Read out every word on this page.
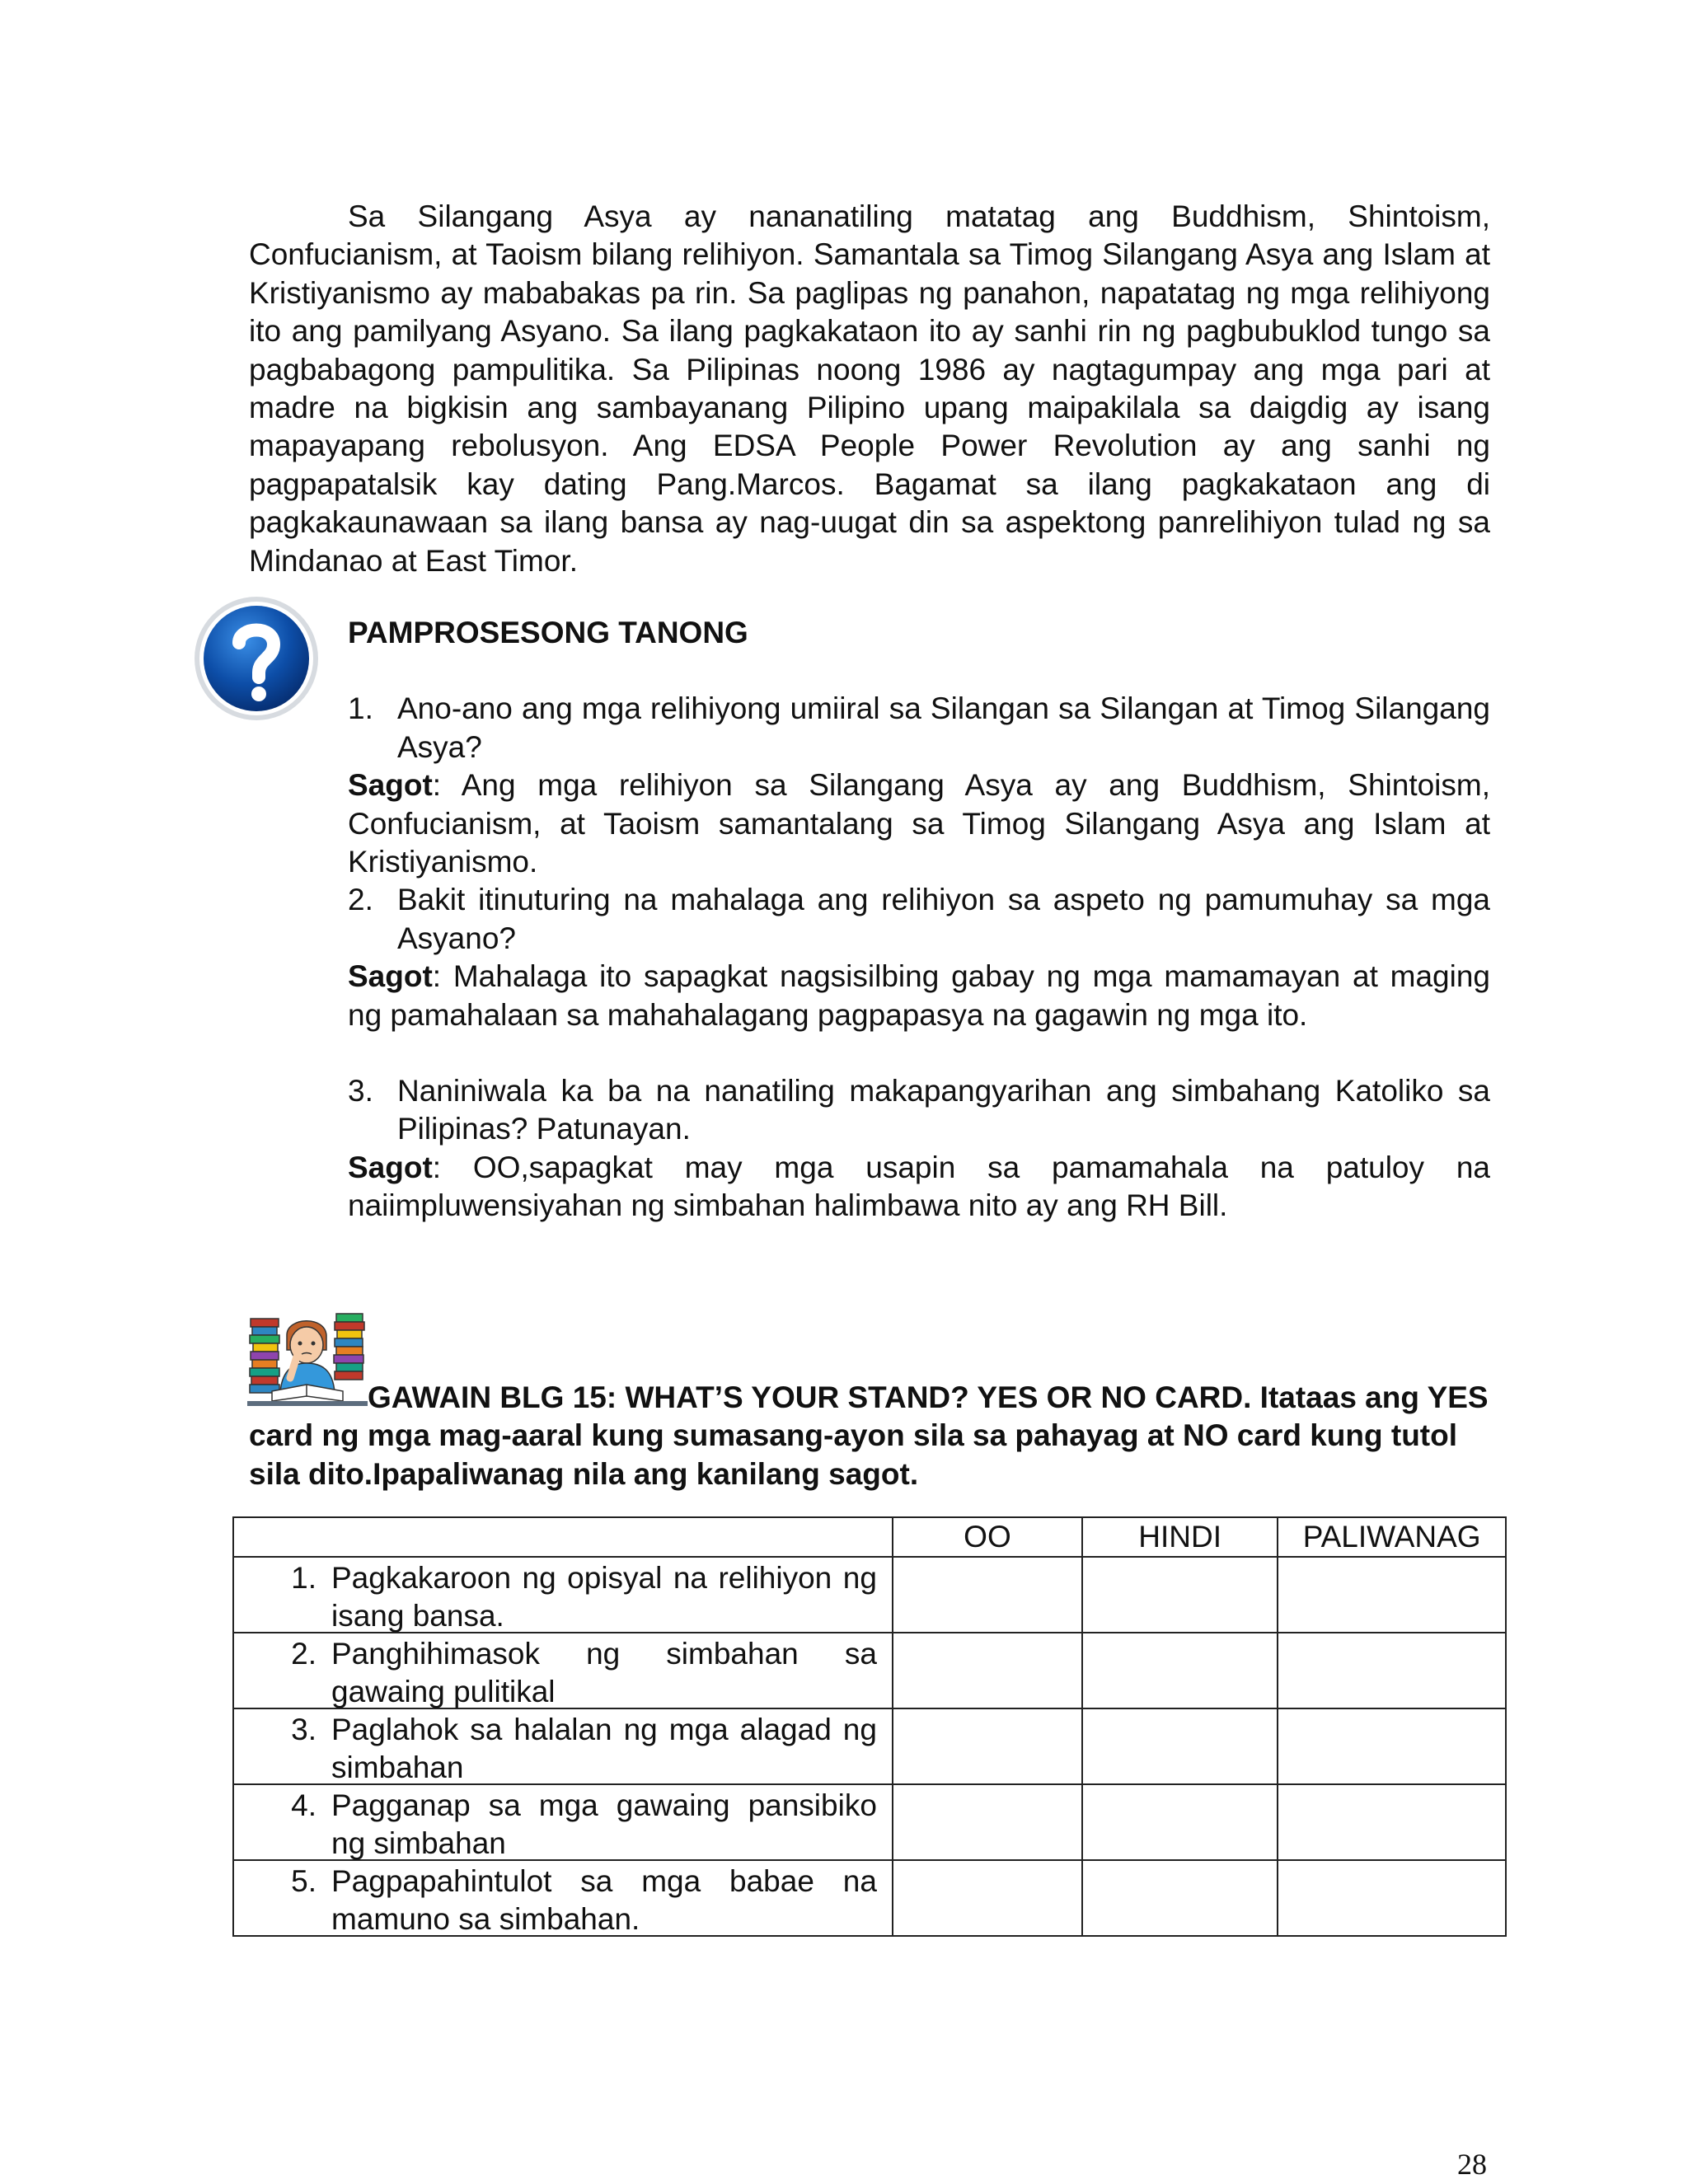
Sa Silangang Asya ay nananatiling matatag ang Buddhism, Shintoism, Confucianism, at Taoism bilang relihiyon. Samantala sa Timog Silangang Asya ang Islam at Kristiyanismo ay mababakas pa rin. Sa paglipas ng panahon, napatatag ng mga relihiyong ito ang pamilyang Asyano. Sa ilang pagkakataon ito ay sanhi rin ng pagbubuklod tungo sa pagbabagong pampulitika. Sa Pilipinas noong 1986 ay nagtagumpay ang mga pari at madre na bigkisin ang sambayanang Pilipino upang maipakilala sa daigdig ay isang mapayapang rebolusyon. Ang EDSA People Power Revolution ay ang sanhi ng pagpapatalsik kay dating Pang.Marcos. Bagamat sa ilang pagkakataon ang di pagkakaunawaan sa ilang bansa ay nag-uugat din sa aspektong panrelihiyon tulad ng sa Mindanao at East Timor.

PAMPROSESONG TANONG

1. Ano-ano ang mga relihiyong umiiral sa Silangan sa Silangan at Timog Silangang Asya?

Sagot: Ang mga relihiyon sa Silangang Asya ay ang Buddhism, Shintoism, Confucianism, at Taoism samantalang sa Timog Silangang Asya ang Islam at Kristiyanismo.

2. Bakit itinuturing na mahalaga ang relihiyon sa aspeto ng pamumuhay sa mga Asyano?

Sagot: Mahalaga ito sapagkat nagsisilbing gabay ng mga mamamayan at maging ng pamahalaan sa mahahalagang pagpapasya na gagawin ng mga ito.

3. Naniniwala ka ba na nanatiling makapangyarihan ang simbahang Katoliko sa Pilipinas? Patunayan.

Sagot: OO,sapagkat may mga usapin sa pamamahala na patuloy na naiimpluwensiyahan ng simbahan halimbawa nito ay ang RH Bill.

GAWAIN BLG 15: WHAT’S YOUR STAND? YES OR NO CARD. Itataas ang YES card ng mga mag-aaral kung sumasang-ayon sila sa pahayag at NO card kung tutol sila dito.Ipapaliwanag nila ang kanilang sagot.

	OO	HINDI	PALIWANAG

1. Pagkakaroon ng opisyal na relihiyon ng isang bansa.			

2. Panghihimasok ng simbahan sa gawaing pulitikal			

3. Paglahok sa halalan ng mga alagad ng simbahan			

4. Pagganap sa mga gawaing pansibiko ng simbahan			

5. Pagpapahintulot sa mga babae na mamuno sa simbahan.			

28
